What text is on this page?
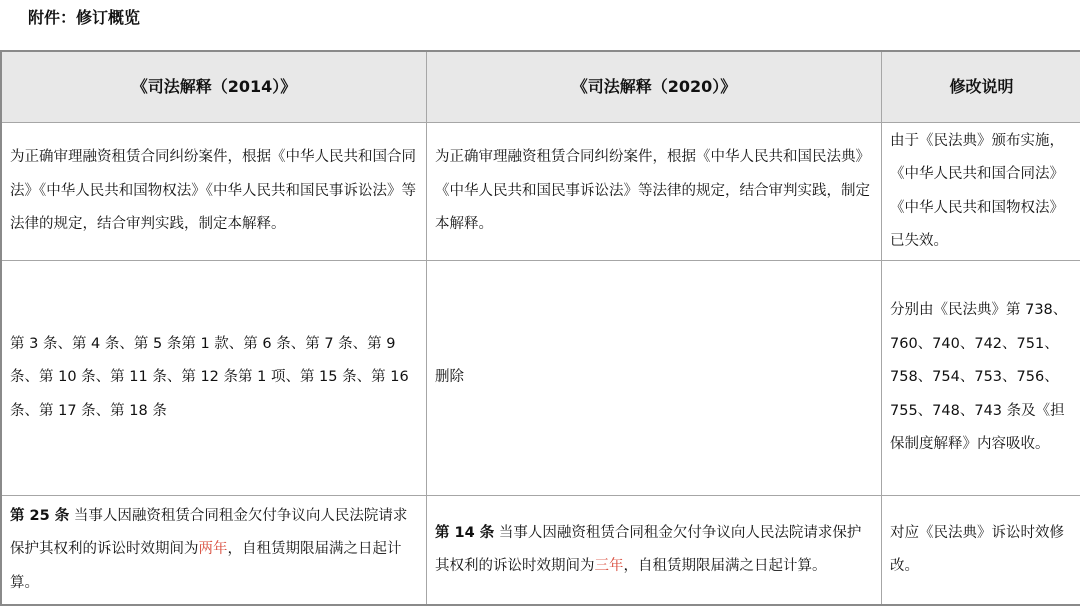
附件：修订概览
《司法解释（2014）》	《司法解释（2020）》	修改说明
为正确审理融资租赁合同纠纷案件，根据《中华人民共和国合同法》《中华人民共和国物权法》《中华人民共和国民事诉讼法》等法律的规定，结合审判实践，制定本解释。	为正确审理融资租赁合同纠纷案件，根据《中华人民共和国民法典》《中华人民共和国民事诉讼法》等法律的规定，结合审判实践，制定本解释。	由于《民法典》颁布实施，《中华人民共和国合同法》《中华人民共和国物权法》已失效。
第 3 条、第 4 条、第 5 条第 1 款、第 6 条、第 7 条、第 9 条、第 10 条、第 11 条、第 12 条第 1 项、第 15 条、第 16 条、第 17 条、第 18 条	删除	分别由《民法典》第 738、760、740、742、751、758、754、753、756、755、748、743 条及《担保制度解释》内容吸收。
第 25 条 当事人因融资租赁合同租金欠付争议向人民法院请求保护其权利的诉讼时效期间为两年，自租赁期限届满之日起计算。	第 14 条 当事人因融资租赁合同租金欠付争议向人民法院请求保护其权利的诉讼时效期间为三年，自租赁期限届满之日起计算。	对应《民法典》诉讼时效修改。
